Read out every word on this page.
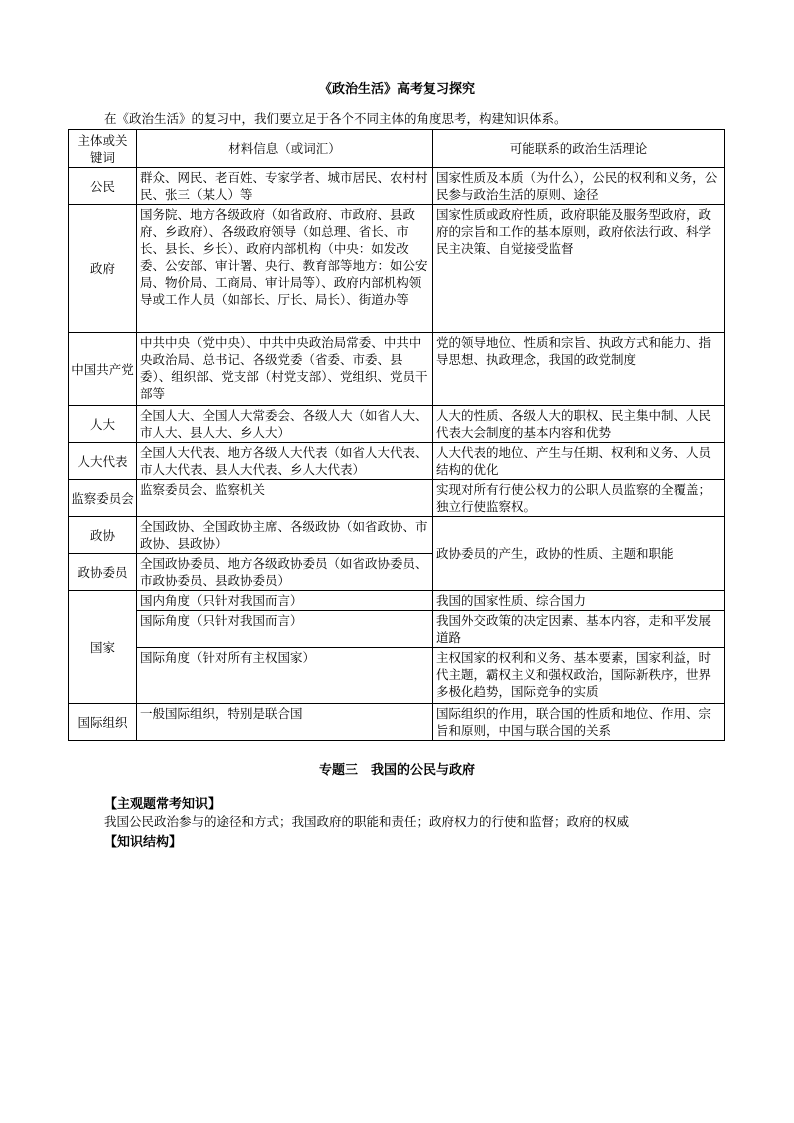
《政治生活》高考复习探究
在《政治生活》的复习中，我们要立足于各个不同主体的角度思考，构建知识体系。
主体或关键词	材料信息（或词汇）	可能联系的政治生活理论
公民	群众、网民、老百姓、专家学者、城市居民、农村村民、张三（某人）等	国家性质及本质（为什么），公民的权利和义务，公民参与政治生活的原则、途径
政府	国务院、地方各级政府（如省政府、市政府、县政府、乡政府）、各级政府领导（如总理、省长、市长、县长、乡长）、政府内部机构（中央：如发改委、公安部、审计署、央行、教育部等地方：如公安局、物价局、工商局、审计局等）、政府内部机构领导或工作人员（如部长、厅长、局长）、街道办等	国家性质或政府性质，政府职能及服务型政府，政府的宗旨和工作的基本原则，政府依法行政、科学民主决策、自觉接受监督
中国共产党	中共中央（党中央）、中共中央政治局常委、中共中央政治局、总书记、各级党委（省委、市委、县委）、组织部、党支部（村党支部）、党组织、党员干部等	党的领导地位、性质和宗旨、执政方式和能力、指导思想、执政理念，我国的政党制度
人大	全国人大、全国人大常委会、各级人大（如省人大、市人大、县人大、乡人大）	人大的性质、各级人大的职权、民主集中制、人民代表大会制度的基本内容和优势
人大代表	全国人大代表、地方各级人大代表（如省人大代表、市人大代表、县人大代表、乡人大代表）	人大代表的地位、产生与任期、权利和义务、人员结构的优化
监察委员会	监察委员会、监察机关	实现对所有行使公权力的公职人员监察的全覆盖；独立行使监察权。
政协	全国政协、全国政协主席、各级政协（如省政协、市政协、县政协）	政协委员的产生，政协的性质、主题和职能
政协委员	全国政协委员、地方各级政协委员（如省政协委员、市政协委员、县政协委员）	
国家	国内角度（只针对我国而言）	我国的国家性质、综合国力
	国际角度（只针对我国而言）	我国外交政策的决定因素、基本内容，走和平发展道路
	国际角度（针对所有主权国家）	主权国家的权利和义务、基本要素，国家利益，时代主题，霸权主义和强权政治，国际新秩序，世界多极化趋势，国际竞争的实质
国际组织	一般国际组织，特别是联合国	国际组织的作用，联合国的性质和地位、作用、宗旨和原则，中国与联合国的关系
专题三　我国的公民与政府
【主观题常考知识】
我国公民政治参与的途径和方式；我国政府的职能和责任；政府权力的行使和监督；政府的权威
【知识结构】
